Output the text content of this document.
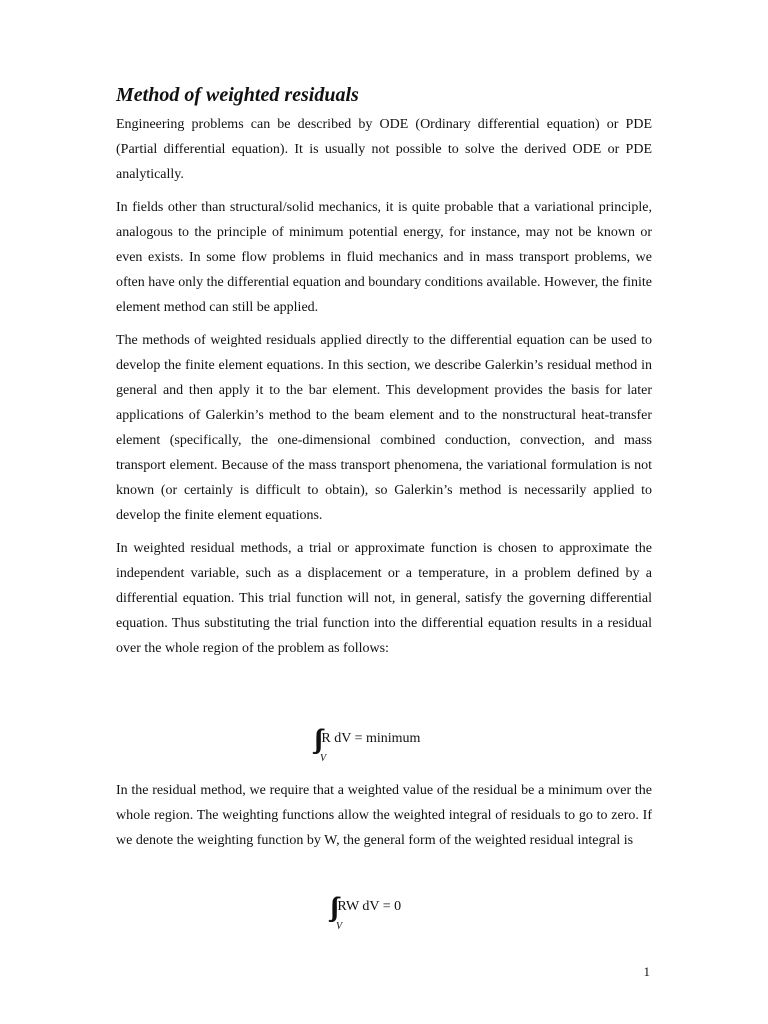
Method of weighted residuals

Engineering problems can be described by ODE (Ordinary differential equation) or PDE (Partial differential equation). It is usually not possible to solve the derived ODE or PDE analytically.

In fields other than structural/solid mechanics, it is quite probable that a variational principle, analogous to the principle of minimum potential energy, for instance, may not be known or even exists. In some flow problems in fluid mechanics and in mass transport problems, we often have only the differential equation and boundary conditions available. However, the finite element method can still be applied.

The methods of weighted residuals applied directly to the differential equation can be used to develop the finite element equations. In this section, we describe Galerkin’s residual method in general and then apply it to the bar element. This development provides the basis for later applications of Galerkin’s method to the beam element and to the nonstructural heat-transfer element (specifically, the one-dimensional combined conduction, convection, and mass transport element. Because of the mass transport phenomena, the variational formulation is not known (or certainly is difficult to obtain), so Galerkin’s method is necessarily applied to develop the finite element equations.

In weighted residual methods, a trial or approximate function is chosen to approximate the independent variable, such as a displacement or a temperature, in a problem defined by a differential equation. This trial function will not, in general, satisfy the governing differential equation. Thus substituting the trial function into the differential equation results in a residual over the whole region of the problem as follows:

∫∫∫
V
R dV = minimum

In the residual method, we require that a weighted value of the residual be a minimum over the whole region. The weighting functions allow the weighted integral of residuals to go to zero. If we denote the weighting function by W, the general form of the weighted residual integral is

∫∫∫
V
RW dV = 0
1
